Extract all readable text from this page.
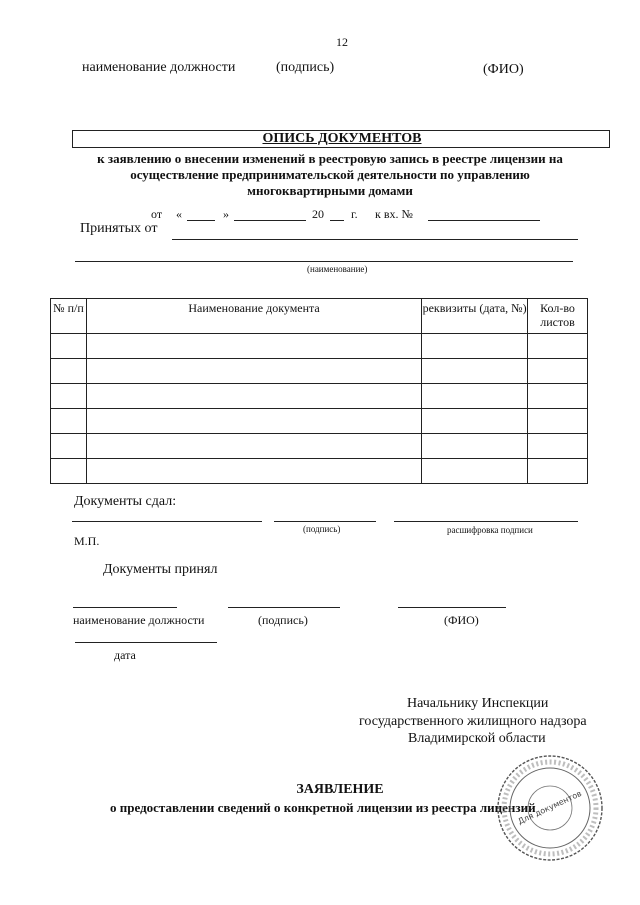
12
наименование должности	(подпись)	(ФИО)
ОПИСЬ ДОКУМЕНТОВ
к заявлению о внесении изменений в реестровую запись в реестре лицензии на
осуществление предпринимательской деятельности по управлению
многоквартирными домами
от «	»	20 г. к вх. №
Принятых от
(наименование)
№ п/п	Наименование документа	реквизиты (дата, №)	Кол-во листов

Документы сдал:
(подпись)	расшифровка подписи
М.П.
Документы принял
наименование должности	(подпись)	(ФИО)
дата
Начальнику Инспекции
государственного жилищного надзора
Владимирской области
ЗАЯВЛЕНИЕ
о предоставлении сведений о конкретной лицензии из реестра лицензий
Для документов
